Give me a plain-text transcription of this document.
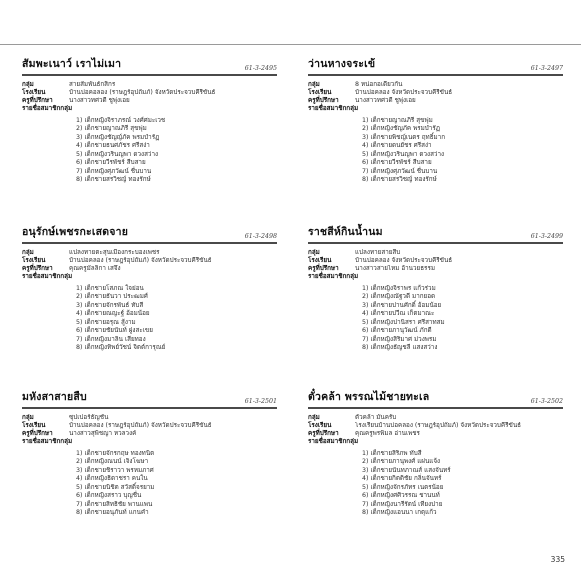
สัมพะเนาว์ เราไม่เมา	61-3-2495
กลุ่ม	สายสัมพันธ์กสิกร
โรงเรียน	บ้านบ่อคอลอง (ราษฎร์อุปถัมภ์) จังหวัดประจวบคีรีขันธ์
ครูที่ปรึกษา	นางสาวทศวดี ชูพุ่งเอย
รายชื่อสมาชิกกลุ่ม
1) เด็กหญิงจิราภรณ์ วงศ์ศมะเวช
2) เด็กชายญาณภิรี สุขพุ่ม
3) เด็กหญิงชัญญ์ภัค พรมบำรัฏ
4) เด็กชายธนศภัชร ศรีสง่า
5) เด็กหญิงวรินญพา ดวงสว่าง
6) เด็กชายวีรพัชร์ สีบสาย
7) เด็กหญิงศุภวัฒน์ ชื่นบาน
8) เด็กชายสรวิชญ์ ทองรักษ์
ว่านหางจระเข้	61-3-2497
กลุ่ม	8 หน่อกอเดียวกัน
โรงเรียน	บ้านบ่อคลอง จังหวัดประจวบคีรีขันธ์
ครูที่ปรึกษา	นางสาวทศวดี ชูพุ่งเอย
รายชื่อสมาชิกกลุ่ม
1) เด็กชายญาณภิรี สุขพุ่ม
2) เด็กหญิงชัญภัค พรมบำรัฏ
3) เด็กชายพิชญ์เนตร ฤทธิ์มาก
4) เด็กชายดนยัชร ศรีสง่า
5) เด็กหญิงวรินญพา ดวงสว่าง
6) เด็กชายวีรพัชร์ สีบสาย
7) เด็กหญิงศุภวัฒน์ ชื่นบาน
8) เด็กชายสรวิชญ์ ทองรักษ์
อนุรักษ์เพชรกะเสดจาย	61-3-2498
กลุ่ม	แปลงทายตะสุนเมืองกระบองเพชร
โรงเรียน	บ้านบ่อคลอง (ราษฎร์อุปถัมภ์) จังหวัดประจวบคีรีขันธ์
ครูที่ปรึกษา	คุณครูมัลลิกา เสจึ่ง
รายชื่อสมาชิกกลุ่ม
1) เด็กชายโสภณ ใจย่อน
2) เด็กชายธันวา ประฒมศ์
3) เด็กชายจักรพันธ์ ทับสี
4) เด็กชายณญะฐ์ อ้อมน้อย
5) เด็กชายอรุณ สู้งาม
6) เด็กชายชัยนันท์ ฝูงสะเขย
7) เด็กหญิงมาลิน เสียทอง
8) เด็กหญิงทิพย์วัชน์ จิตต์การุณย์
ราชสีห์กินน้ำนม	61-3-2499
กลุ่ม	แปลงทายสายสืบ
โรงเรียน	บ้านบ่อคลอง จังหวัดประจวบคีรีขันธ์
ครูที่ปรึกษา	นางสาวสายไหม อ้านวยธรรม
รายชื่อสมาชิกกลุ่ม
1) เด็กหญิงจิราพร แก้วร่วม
2) เด็กหญิงณัฐวดี มากยอด
3) เด็กชายปานศักดิ์ อ้อมน้อย
4) เด็กชายปวีณ เก็ตมาณะ
5) เด็กหญิงปานิสรา ศรีสาทสม
6) เด็กชายภานุวัฒน์ ภักดี
7) เด็กหญิงสิริมาศ ม่วงพรม
8) เด็กหญิงธัญชลี แสงสว่าง
มหังสาสายสืบ	61-3-2501
กลุ่ม	ซุปเปอร์ธัญชัน
โรงเรียน	บ้านบ่อคลอง (ราษฎร์อุปถัมภ์) จังหวัดประจวบคีรีขันธ์
ครูที่ปรึกษา	นางสาวสุพิชญา หวลวงค์
รายชื่อสมาชิกกลุ่ม
1) เด็กชายจักรกฤษ ทองทนิต
2) เด็กหญิงณนน์ เจิงโฆษา
3) เด็กชายชิราวา พรหมภาศ
4) เด็กหญิงธิดาชรา คนใน
5) เด็กชายนิชิต สวัสดิ์จรยาม
6) เด็กหญิงสราว บุญชื่น
7) เด็กชายสิทธิชัย พานแพน
8) เด็กชายอนุภันท์ แกนคำ
ตั๋วคล้า พรรณไม้ชายทะเล	61-3-2502
กลุ่ม	ตั๋วคล้า มั่นครับ
โรงเรียน	โรงเรียนบ้านบ่อคลอง (ราษฎร์อุปถัมภ์) จังหวัดประจวบคีรีขันธ์
ครูที่ปรึกษา	คุณครูพรพิมล อ่านเพชร
รายชื่อสมาชิกกลุ่ม
1) เด็กชายสิริภพ ทับสี
2) เด็กชายภานุพงศ์ แผ่นแจ้ง
3) เด็กชายนันทภาณส์ แสงจันทร์
4) เด็กชายกิตติชัย กลิ่นจันทร์
5) เด็กหญิงจักรภัทร เนตรน้อย
6) เด็กหญิงศศิวรรณ ชานนท์
7) เด็กหญิงนารีรัตน์ เทียงปาย
8) เด็กหญิงแอนนา เกตุแก้ว
335
